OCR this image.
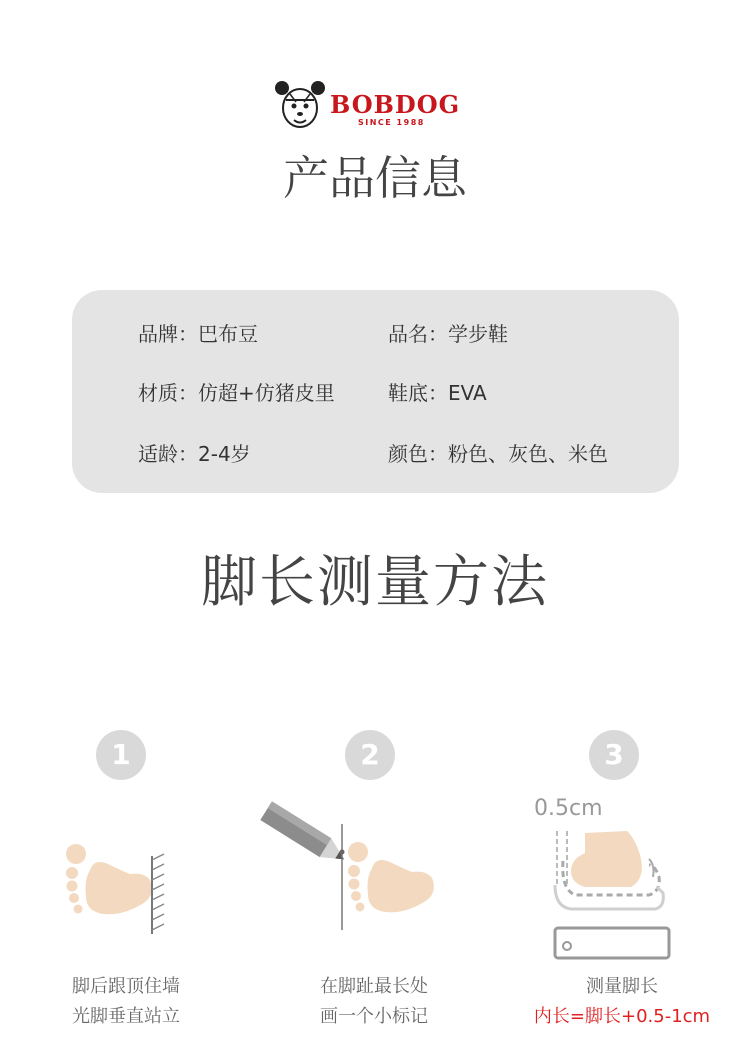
BOBDOG
SINCE 1988
产品信息
品牌：巴布豆	品名：学步鞋
材质：仿超+仿猪皮里	鞋底：EVA
适龄：2-4岁	颜色：粉色、灰色、米色
脚长测量方法
1	2	3
0.5cm
脚后跟顶住墙
光脚垂直站立
在脚趾最长处
画一个小标记
测量脚长
内长=脚长+0.5-1cm
